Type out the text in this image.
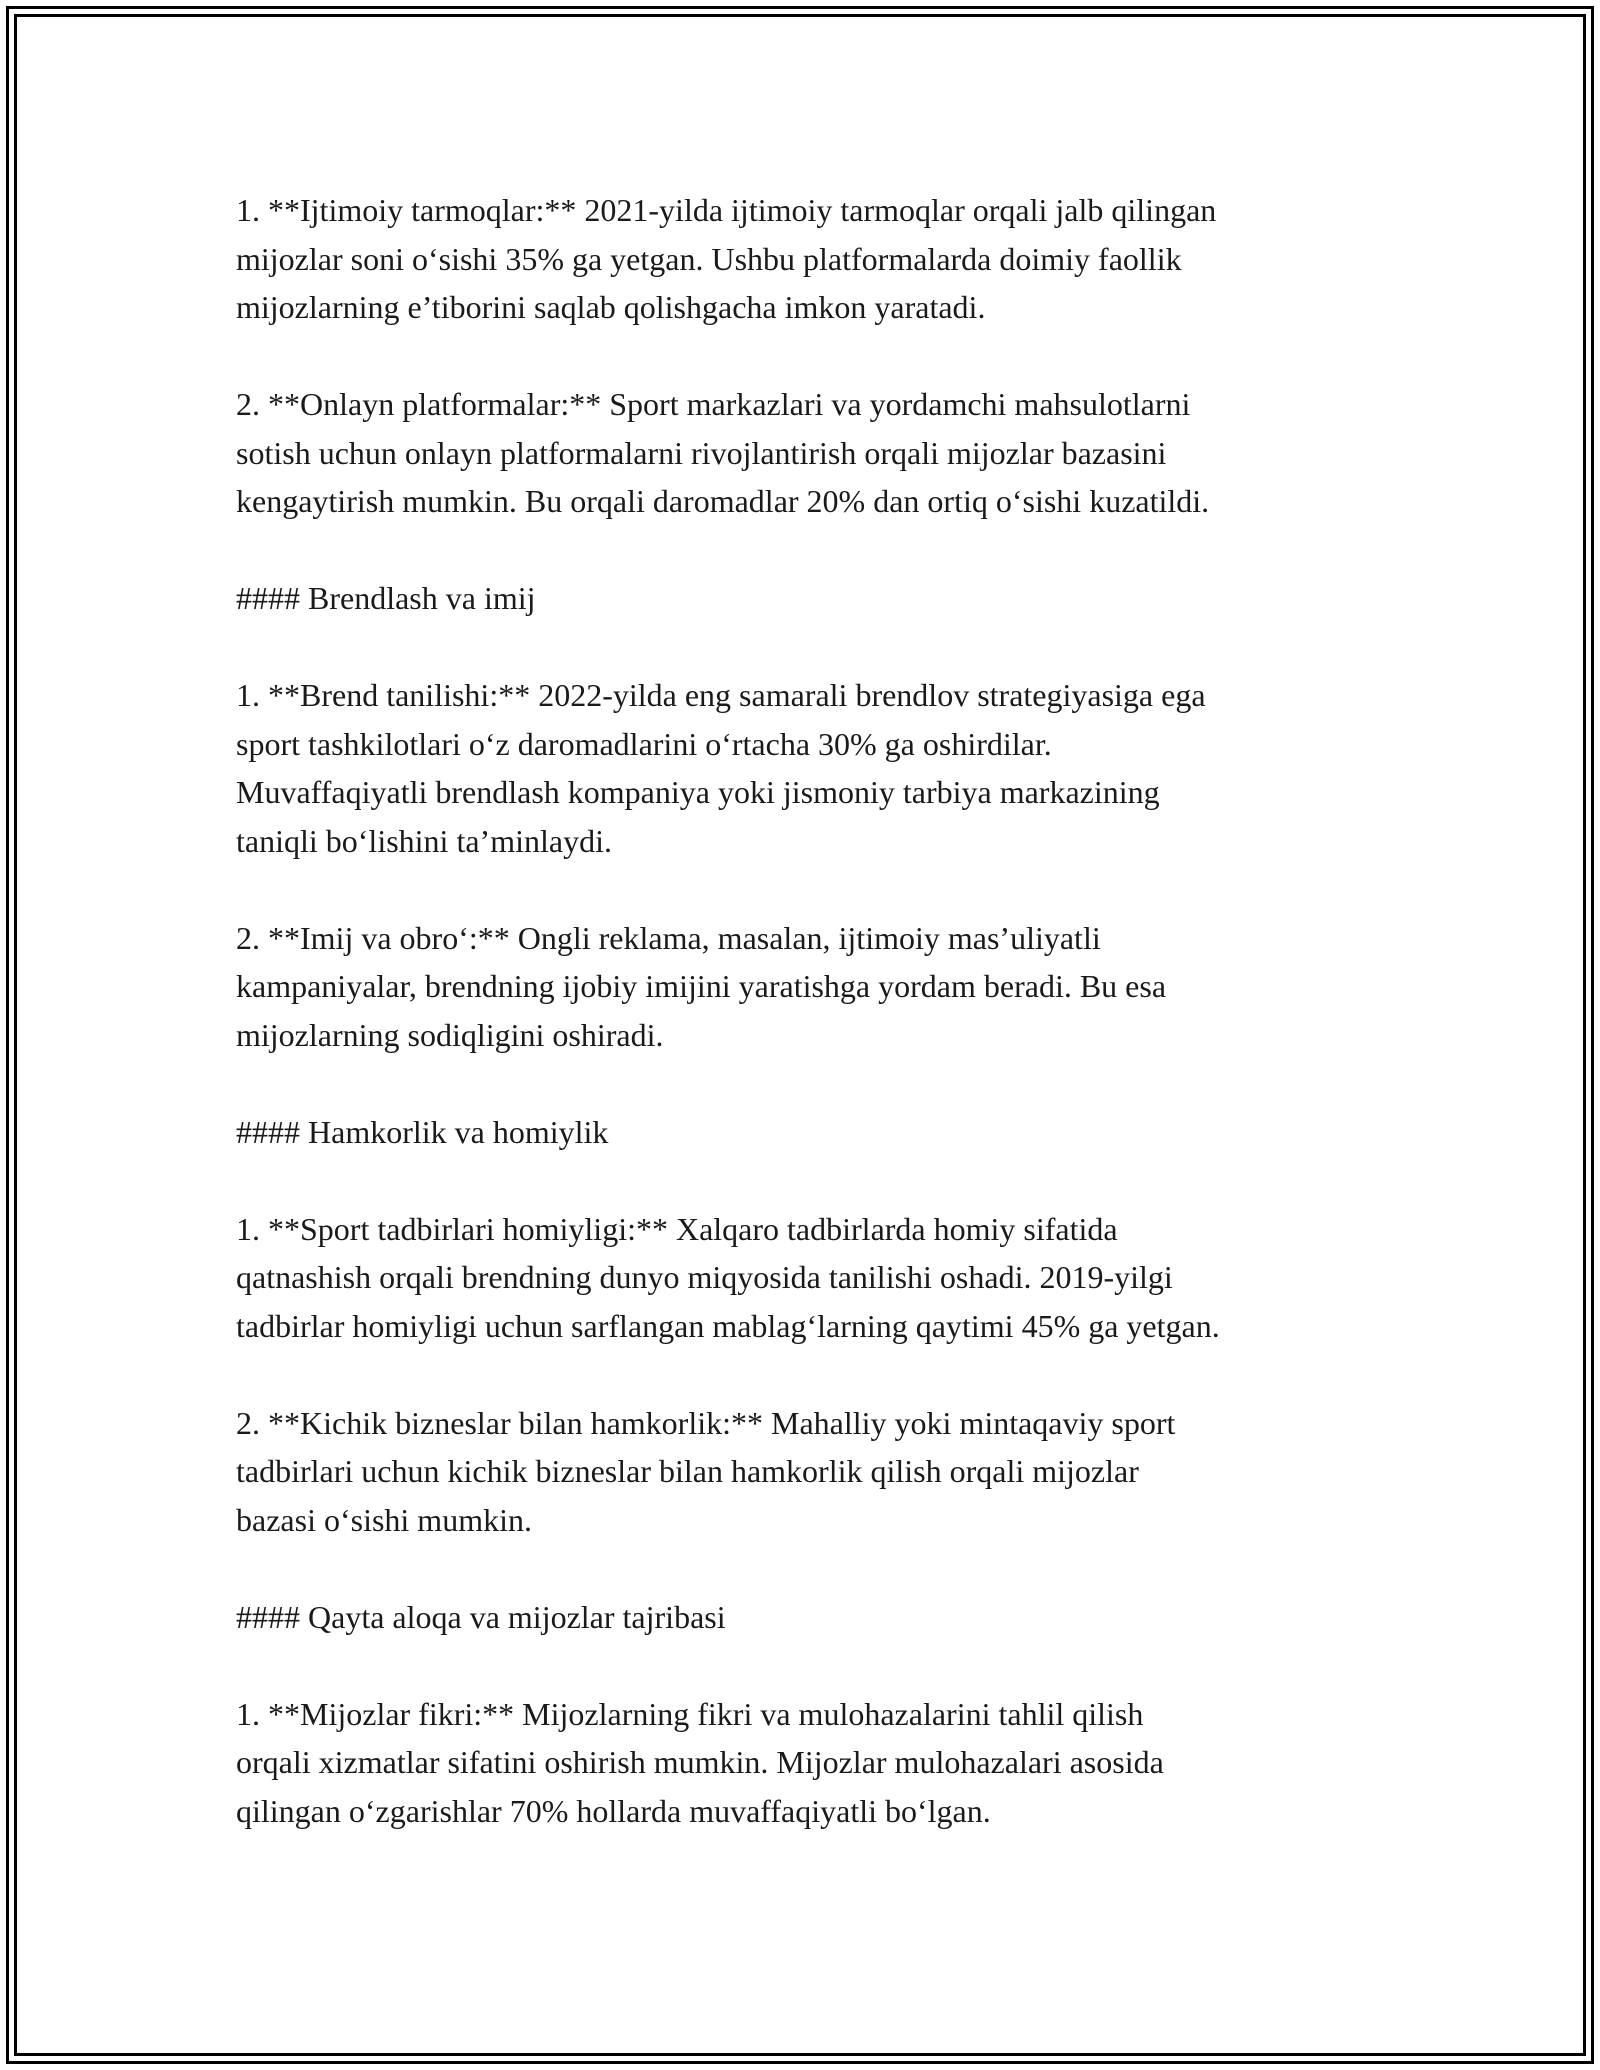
1. **Ijtimoiy tarmoqlar:** 2021-yilda ijtimoiy tarmoqlar orqali jalb qilingan
mijozlar soni o‘sishi 35% ga yetgan. Ushbu platformalarda doimiy faollik
mijozlarning e’tiborini saqlab qolishgacha imkon yaratadi.
2. **Onlayn platformalar:** Sport markazlari va yordamchi mahsulotlarni
sotish uchun onlayn platformalarni rivojlantirish orqali mijozlar bazasini
kengaytirish mumkin. Bu orqali daromadlar 20% dan ortiq o‘sishi kuzatildi.
#### Brendlash va imij
1. **Brend tanilishi:** 2022-yilda eng samarali brendlov strategiyasiga ega
sport tashkilotlari o‘z daromadlarini o‘rtacha 30% ga oshirdilar.
Muvaffaqiyatli brendlash kompaniya yoki jismoniy tarbiya markazining
taniqli bo‘lishini ta’minlaydi.
2. **Imij va obro‘:** Ongli reklama, masalan, ijtimoiy mas’uliyatli
kampaniyalar, brendning ijobiy imijini yaratishga yordam beradi. Bu esa
mijozlarning sodiqligini oshiradi.
#### Hamkorlik va homiylik
1. **Sport tadbirlari homiyligi:** Xalqaro tadbirlarda homiy sifatida
qatnashish orqali brendning dunyo miqyosida tanilishi oshadi. 2019-yilgi
tadbirlar homiyligi uchun sarflangan mablag‘larning qaytimi 45% ga yetgan.
2. **Kichik bizneslar bilan hamkorlik:** Mahalliy yoki mintaqaviy sport
tadbirlari uchun kichik bizneslar bilan hamkorlik qilish orqali mijozlar
bazasi o‘sishi mumkin.
#### Qayta aloqa va mijozlar tajribasi
1. **Mijozlar fikri:** Mijozlarning fikri va mulohazalarini tahlil qilish
orqali xizmatlar sifatini oshirish mumkin. Mijozlar mulohazalari asosida
qilingan o‘zgarishlar 70% hollarda muvaffaqiyatli bo‘lgan.
